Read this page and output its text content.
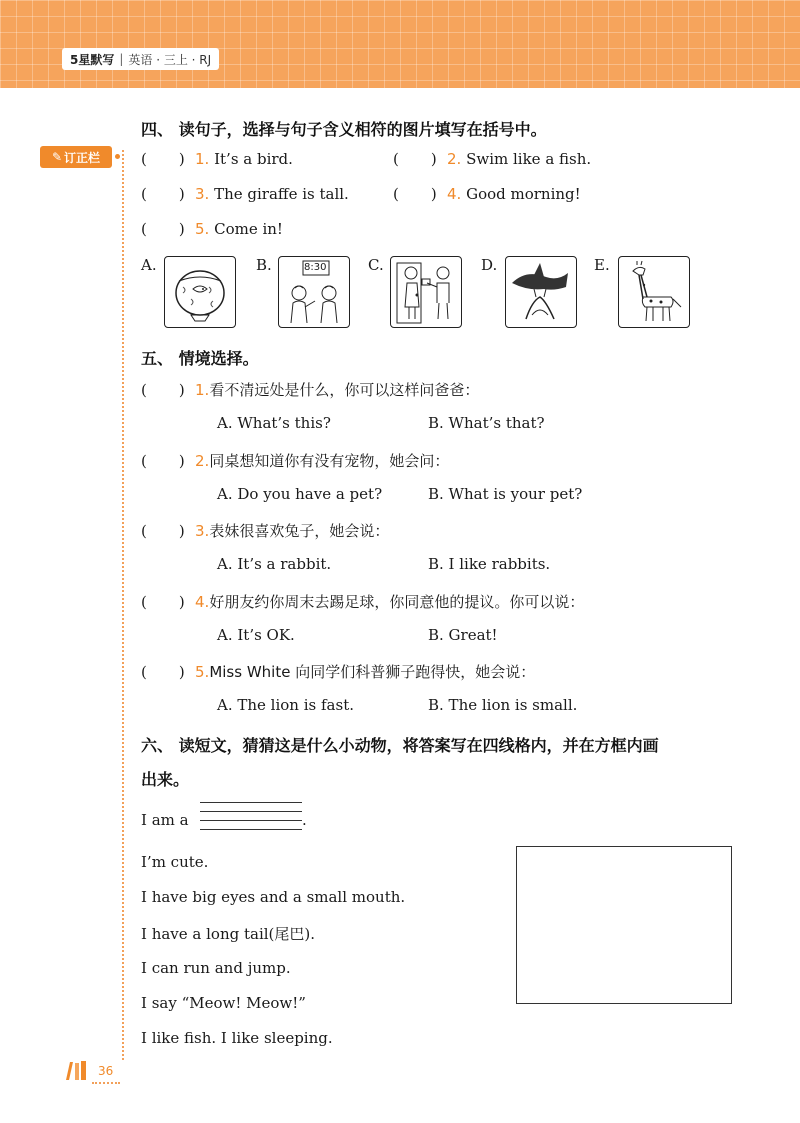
5星默写 | 英语 · 三上 · RJ
✎ 订正栏
四、 读句子，选择与句子含义相符的图片填写在括号中。
( ) 1. It’s a bird.	( ) 2. Swim like a fish.
( ) 3. The giraffe is tall.	( ) 4. Good morning!
( ) 5. Come in!
A.	B.	8:30	C.	D.	E.
五、 情境选择。
( ) 1.看不清远处是什么，你可以这样问爸爸：
A. What’s this?	B. What’s that?
( ) 2.同桌想知道你有没有宠物，她会问：
A. Do you have a pet?	B. What is your pet?
( ) 3.表妹很喜欢兔子，她会说：
A. It’s a rabbit.	B. I like rabbits.
( ) 4.好朋友约你周末去踢足球，你同意他的提议。你可以说：
A. It’s OK.	B. Great!
( ) 5.Miss White 向同学们科普狮子跑得快，她会说：
A. The lion is fast.	B. The lion is small.
六、 读短文，猜猜这是什么小动物，将答案写在四线格内，并在方框内画
出来。
I am a	.
I’m cute.
I have big eyes and a small mouth.
I have a long tail(尾巴).
I can run and jump.
I say “Meow! Meow!”
I like fish. I like sleeping.
36
